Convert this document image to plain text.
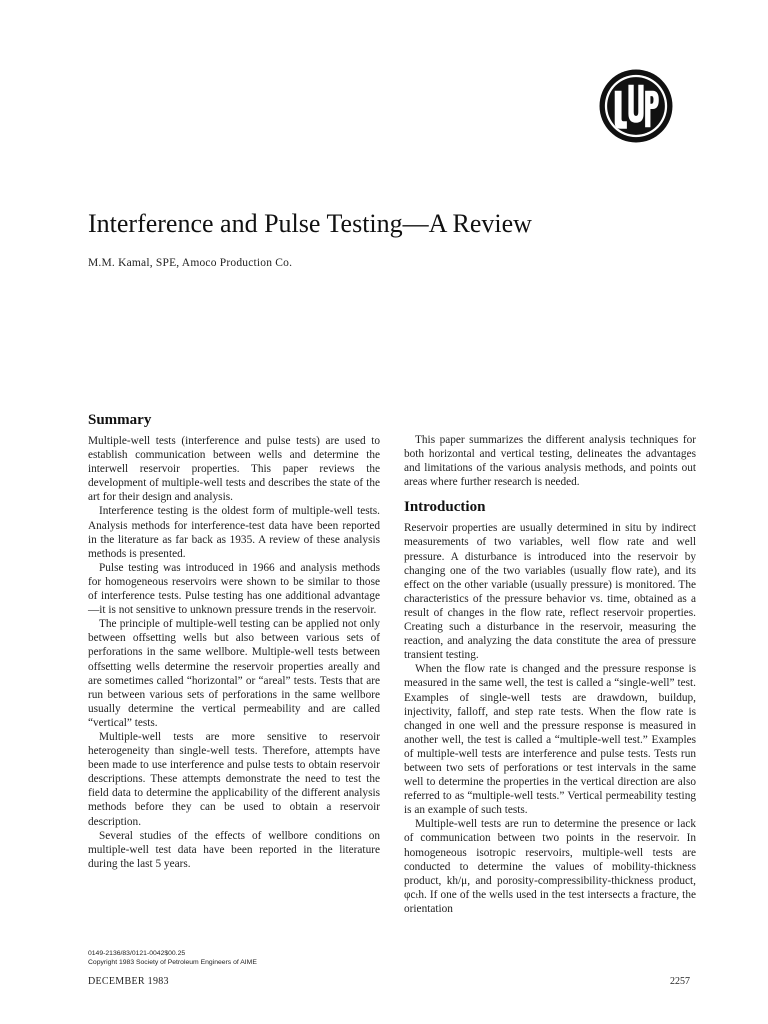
Interference and Pulse Testing—A Review
M.M. Kamal, SPE, Amoco Production Co.
Summary

Multiple-well tests (interference and pulse tests) are used to establish communication between wells and determine the interwell reservoir properties. This paper reviews the development of multiple-well tests and describes the state of the art for their design and analysis.

Interference testing is the oldest form of multiple-well tests. Analysis methods for interference-test data have been reported in the literature as far back as 1935. A review of these analysis methods is presented.

Pulse testing was introduced in 1966 and analysis methods for homogeneous reservoirs were shown to be similar to those of interference tests. Pulse testing has one additional advantage—it is not sensitive to unknown pressure trends in the reservoir.

The principle of multiple-well testing can be applied not only between offsetting wells but also between various sets of perforations in the same wellbore. Multiple-well tests between offsetting wells determine the reservoir properties areally and are sometimes called “horizontal” or “areal” tests. Tests that are run between various sets of perforations in the same wellbore usually determine the vertical permeability and are called “vertical” tests.

Multiple-well tests are more sensitive to reservoir heterogeneity than single-well tests. Therefore, attempts have been made to use interference and pulse tests to obtain reservoir descriptions. These attempts demonstrate the need to test the field data to determine the applicability of the different analysis methods before they can be used to obtain a reservoir description.

Several studies of the effects of wellbore conditions on multiple-well test data have been reported in the literature during the last 5 years.

This paper summarizes the different analysis techniques for both horizontal and vertical testing, delineates the advantages and limitations of the various analysis methods, and points out areas where further research is needed.

Introduction

Reservoir properties are usually determined in situ by indirect measurements of two variables, well flow rate and well pressure. A disturbance is introduced into the reservoir by changing one of the two variables (usually flow rate), and its effect on the other variable (usually pressure) is monitored. The characteristics of the pressure behavior vs. time, obtained as a result of changes in the flow rate, reflect reservoir properties. Creating such a disturbance in the reservoir, measuring the reaction, and analyzing the data constitute the area of pressure transient testing.

When the flow rate is changed and the pressure response is measured in the same well, the test is called a “single-well” test. Examples of single-well tests are drawdown, buildup, injectivity, falloff, and step rate tests. When the flow rate is changed in one well and the pressure response is measured in another well, the test is called a “multiple-well test.” Examples of multiple-well tests are interference and pulse tests. Tests run between two sets of perforations or test intervals in the same well to determine the properties in the vertical direction are also referred to as “multiple-well tests.” Vertical permeability testing is an example of such tests.

Multiple-well tests are run to determine the presence or lack of communication between two points in the reservoir. In homogeneous isotropic reservoirs, multiple-well tests are conducted to determine the values of mobility-thickness product, kh/μ, and porosity-compressibility-thickness product, φcₜh. If one of the wells used in the test intersects a fracture, the orientation

0149-2136/83/0121-0042$00.25
Copyright 1983 Society of Petroleum Engineers of AIME
DECEMBER 1983	2257
